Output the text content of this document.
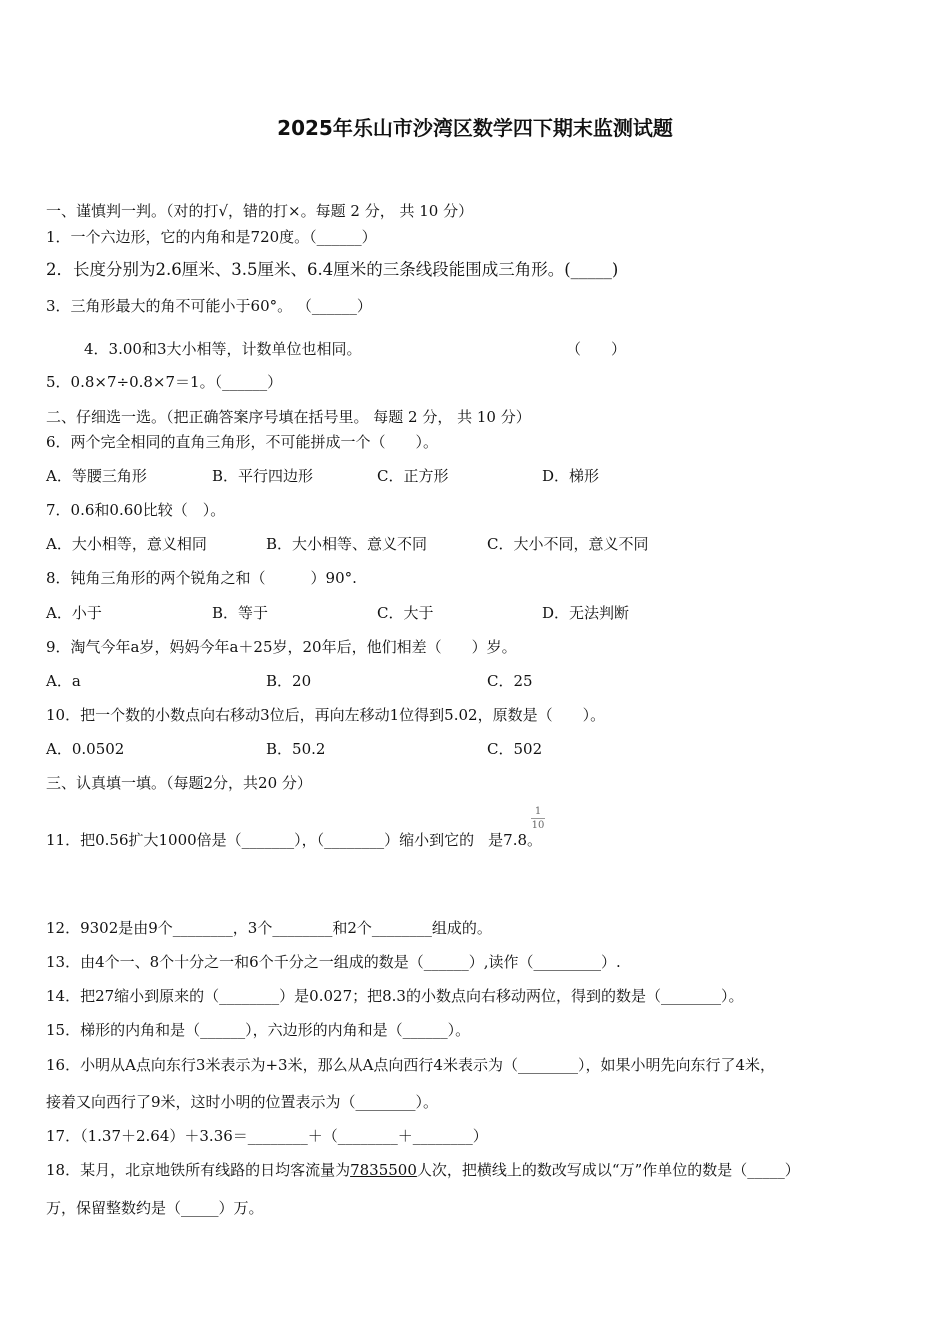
2025年乐山市沙湾区数学四下期末监测试题
一、谨慎判一判。（对的打√，错的打×。每题 2 分， 共 10 分）
1．一个六边形，它的内角和是720度。（______）
2．长度分别为2.6厘米、3.5厘米、6.4厘米的三条线段能围成三角形。(_____)
3．三角形最大的角不可能小于60°。 （______）
4．3.00和3大小相等，计数单位也相同。	（　　）
5．0.8×7÷0.8×7＝1。（______）
二、仔细选一选。（把正确答案序号填在括号里。 每题 2 分， 共 10 分）
6．两个完全相同的直角三角形，不可能拼成一个（　　）。
A．等腰三角形	B．平行四边形	C．正方形	D．梯形
7．0.6和0.60比较（　）。
A．大小相等，意义相同	B．大小相等、意义不同	C．大小不同，意义不同
8．钝角三角形的两个锐角之和（　　　）90°.
A．小于	B．等于	C．大于	D．无法判断
9．淘气今年a岁，妈妈今年a＋25岁，20年后，他们相差（　　）岁。
A．a	B．20	C．25
10．把一个数的小数点向右移动3位后，再向左移动1位得到5.02，原数是（　　）。
A．0.0502	B．50.2	C．502
三、认真填一填。（每题2分，共20 分）
11．把0.56扩大1000倍是（_______），（________）缩小到它的 是7.8。
1
10
12．9302是由9个________，3个________和2个________组成的。
13．由4个一、8个十分之一和6个千分之一组成的数是（______）,读作（_________）.
14．把27缩小到原来的（________）是0.027；把8.3的小数点向右移动两位，得到的数是（________）。
15．梯形的内角和是（______），六边形的内角和是（______）。
16．小明从A点向东行3米表示为+3米，那么从A点向西行4米表示为（________），如果小明先向东行了4米，
接着又向西行了9米，这时小明的位置表示为（________）。
17．（1.37＋2.64）＋3.36＝________＋（________＋________）
18．某月，北京地铁所有线路的日均客流量为7835500人次，把横线上的数改写成以“万”作单位的数是（_____）
万，保留整数约是（_____）万。
